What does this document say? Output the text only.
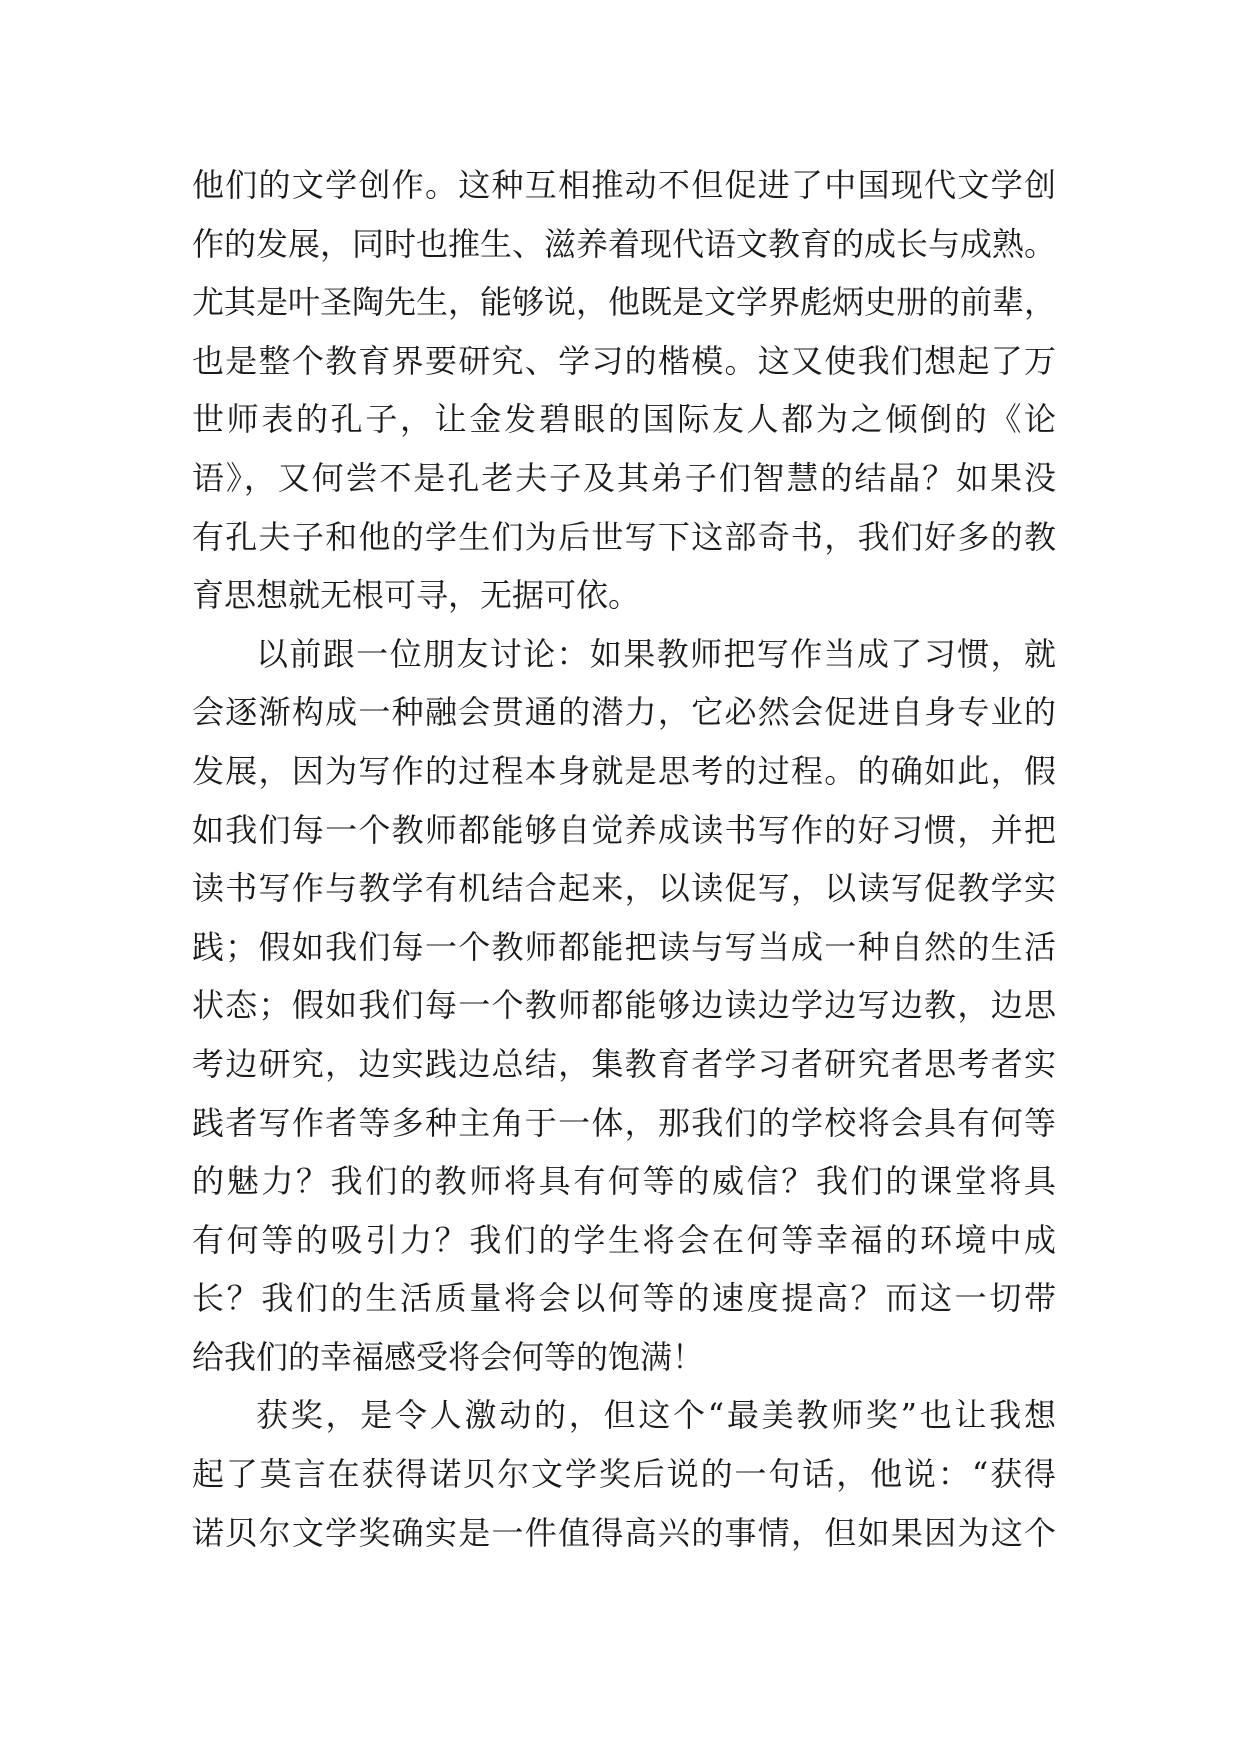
他们的文学创作。这种互相推动不但促进了中国现代文学创
作的发展，同时也推生、滋养着现代语文教育的成长与成熟。
尤其是叶圣陶先生，能够说，他既是文学界彪炳史册的前辈，
也是整个教育界要研究、学习的楷模。这又使我们想起了万
世师表的孔子，让金发碧眼的国际友人都为之倾倒的《论
语》，又何尝不是孔老夫子及其弟子们智慧的结晶？如果没
有孔夫子和他的学生们为后世写下这部奇书，我们好多的教
育思想就无根可寻，无据可依。
以前跟一位朋友讨论：如果教师把写作当成了习惯，就
会逐渐构成一种融会贯通的潜力，它必然会促进自身专业的
发展，因为写作的过程本身就是思考的过程。的确如此，假
如我们每一个教师都能够自觉养成读书写作的好习惯，并把
读书写作与教学有机结合起来，以读促写，以读写促教学实
践；假如我们每一个教师都能把读与写当成一种自然的生活
状态；假如我们每一个教师都能够边读边学边写边教，边思
考边研究，边实践边总结，集教育者学习者研究者思考者实
践者写作者等多种主角于一体，那我们的学校将会具有何等
的魅力？我们的教师将具有何等的威信？我们的课堂将具
有何等的吸引力？我们的学生将会在何等幸福的环境中成
长？我们的生活质量将会以何等的速度提高？而这一切带
给我们的幸福感受将会何等的饱满！
获奖，是令人激动的，但这个“最美教师奖”也让我想
起了莫言在获得诺贝尔文学奖后说的一句话，他说：“获得
诺贝尔文学奖确实是一件值得高兴的事情，但如果因为这个
